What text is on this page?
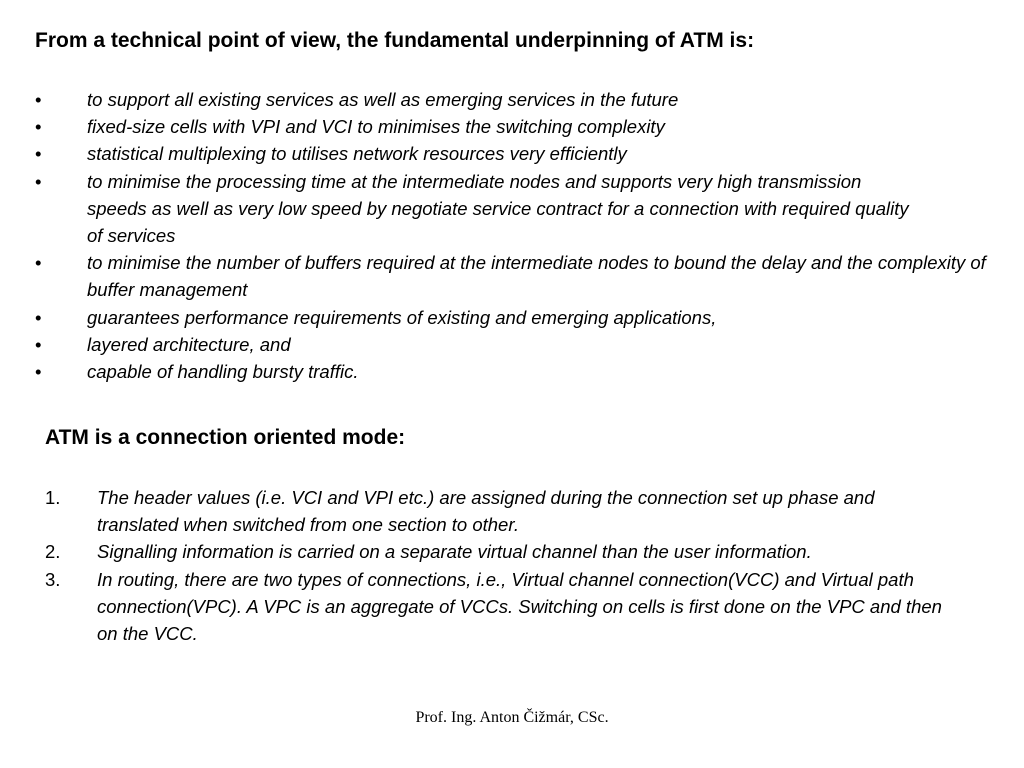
From a technical point of view, the fundamental underpinning of ATM is:
• to support all existing services as well as emerging services in the future
• fixed-size cells with VPI and VCI to minimises the switching complexity
• statistical multiplexing to utilises network resources very efficiently
• to minimise the processing time at the intermediate nodes and supports very high transmission speeds as well as very low speed by negotiate service contract for a connection with required quality of services
• to minimise the number of buffers required at the intermediate nodes to bound the delay and the complexity of buffer management
• guarantees performance requirements of existing and emerging applications,
• layered architecture, and
• capable of handling bursty traffic.
ATM is a connection oriented mode:
1. The header values (i.e. VCI and VPI etc.) are assigned during the connection set up phase and translated when switched from one section to other.
2. Signalling information is carried on a separate virtual channel than the user information.
3. In routing, there are two types of connections, i.e., Virtual channel connection(VCC) and Virtual path connection(VPC). A VPC is an aggregate of VCCs. Switching on cells is first done on the VPC and then on the VCC.
Prof. Ing. Anton Čižmár, CSc.
